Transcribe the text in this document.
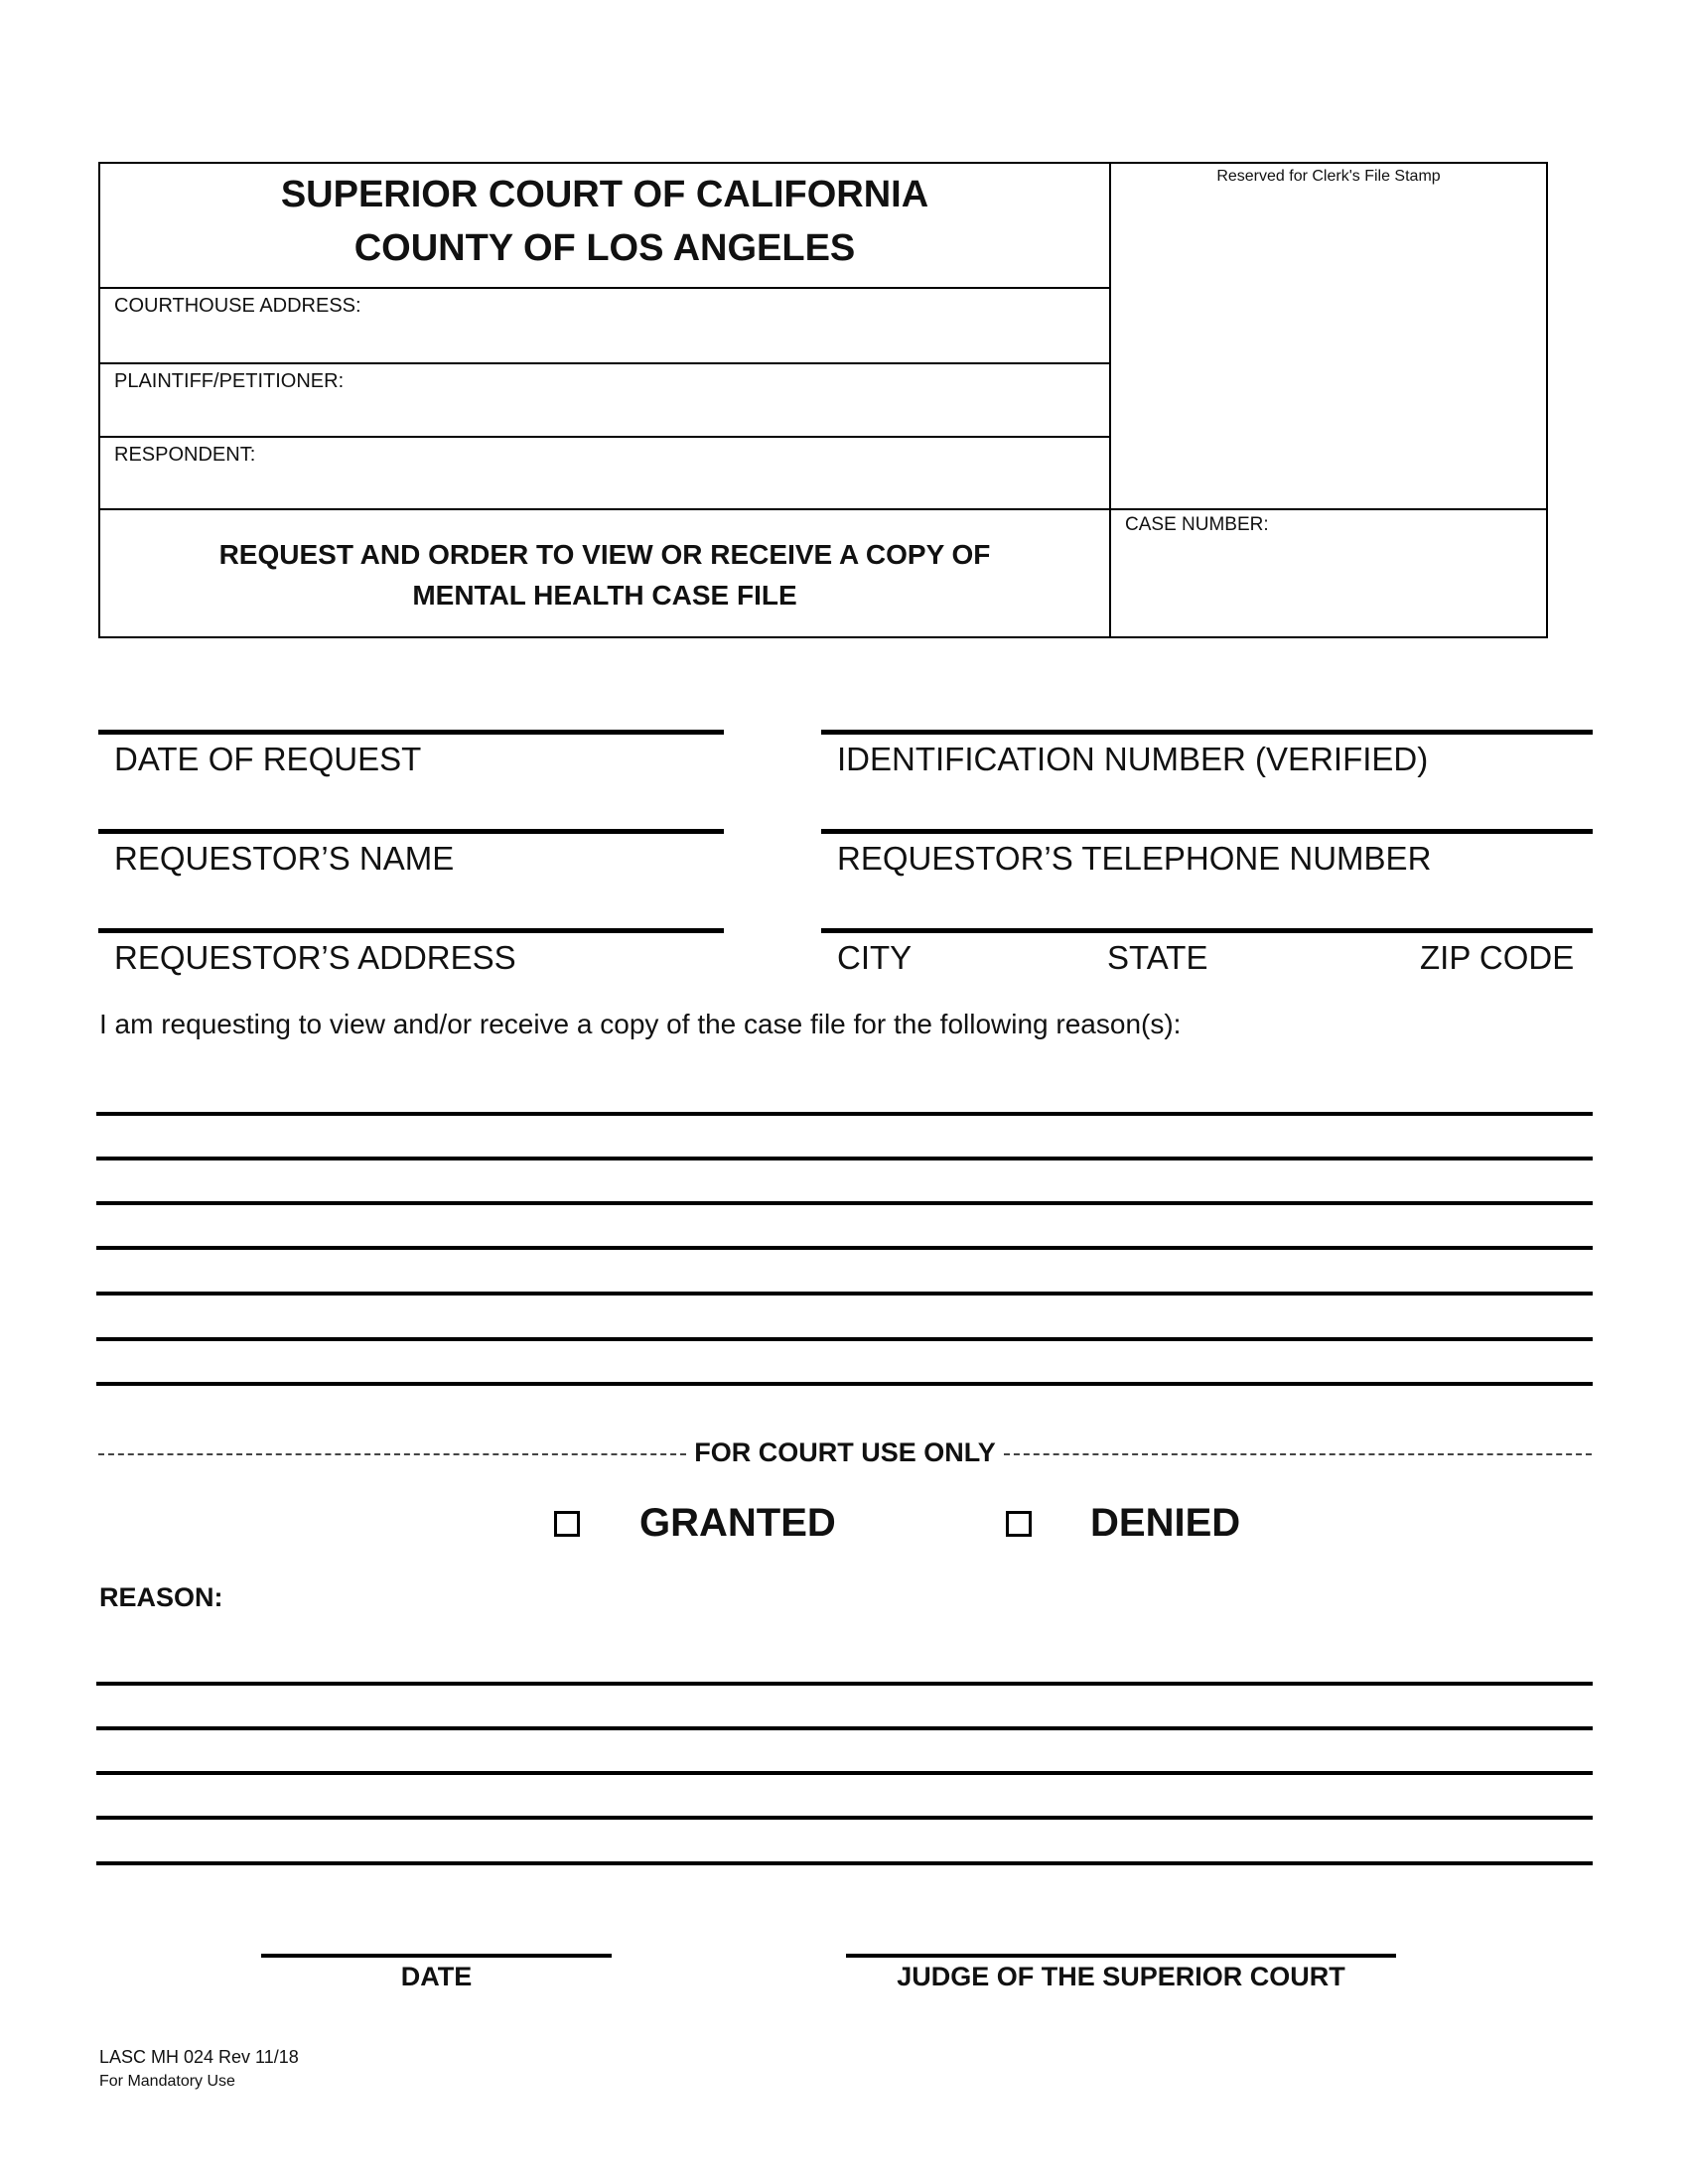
SUPERIOR COURT OF CALIFORNIA
COUNTY OF LOS ANGELES
COURTHOUSE ADDRESS:
PLAINTIFF/PETITIONER:
RESPONDENT:
REQUEST AND ORDER TO VIEW OR RECEIVE A COPY OF
MENTAL HEALTH CASE FILE
Reserved for Clerk's File Stamp
CASE NUMBER:
DATE OF REQUEST	IDENTIFICATION NUMBER (VERIFIED)
REQUESTOR’S NAME	REQUESTOR’S TELEPHONE NUMBER
REQUESTOR’S ADDRESS	CITY	STATE	ZIP CODE
I am requesting to view and/or receive a copy of the case file for the following reason(s):
FOR COURT USE ONLY
GRANTED	DENIED
REASON:
DATE	JUDGE OF THE SUPERIOR COURT
LASC MH 024 Rev 11/18
For Mandatory Use
